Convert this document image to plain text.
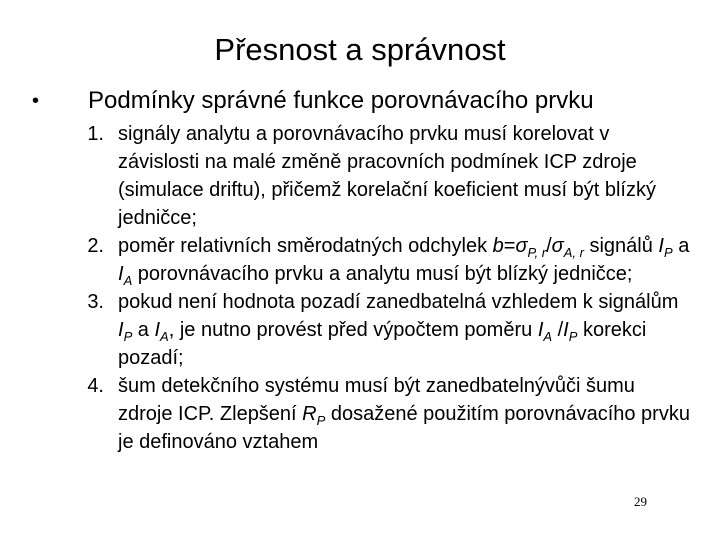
Přesnost a správnost
• Podmínky správné funkce porovnávacího prvku
1. signály analytu a porovnávacího prvku musí korelovat v závislosti na malé změně pracovních podmínek ICP zdroje (simulace driftu), přičemž korelační koeficient musí být blízký jedničce;
2. poměr relativních směrodatných odchylek $b=\sigma_{P, r}/\sigma_{A, r}$ signálů $I_P$ a $I_A$ porovnávacího prvku a analytu musí být blízký jedničce;
3. pokud není hodnota pozadí zanedbatelná vzhledem k signálům $I_P$ a $I_A$, je nutno provést před výpočtem poměru $I_A$ $/I_P$ korekci pozadí;
4. šum detekčního systému musí být zanedbatelnývůči šumu zdroje ICP. Zlepšení $R_P$ dosažené použitím porovnávacího prvku je definováno vztahem
29
